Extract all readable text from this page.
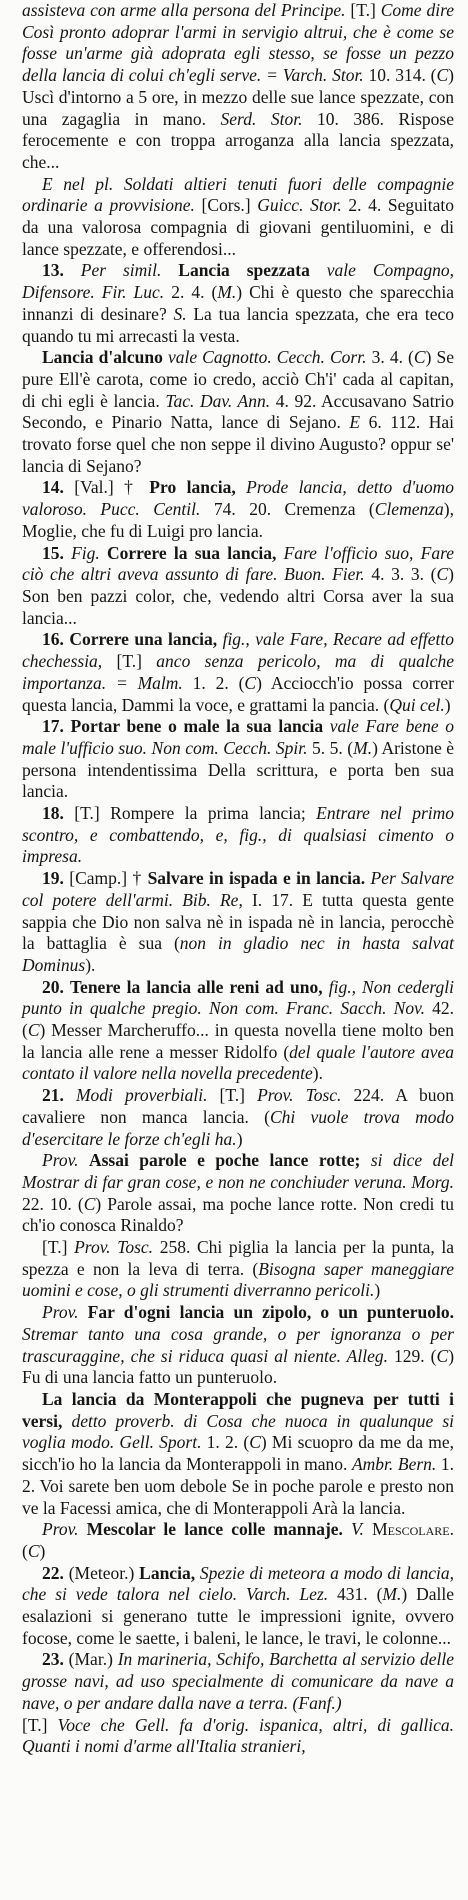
assisteva con arme alla persona del Principe. [T.] Come dire Così pronto adoprar l'armi in servigio altrui, che è come se fosse un'arme già adoprata egli stesso, se fosse un pezzo della lancia di colui ch'egli serve. = Varch. Stor. 10. 314. (C) Uscì d'intorno a 5 ore, in mezzo delle sue lance spezzate, con una zagaglia in mano. Serd. Stor. 10. 386. Rispose ferocemente e con troppa arroganza alla lancia spezzata, che...

E nel pl. Soldati altieri tenuti fuori delle compagnie ordinarie a provvisione. [Cors.] Guicc. Stor. 2. 4. Seguitato da una valorosa compagnia di giovani gentiluomini, e di lance spezzate, e offerendosi...

13. Per simil. Lancia spezzata vale Compagno, Difensore. Fir. Luc. 2. 4. (M.) Chi è questo che sparecchia innanzi di desinare? S. La tua lancia spezzata, che era teco quando tu mi arrecasti la vesta.

Lancia d'alcuno vale Cagnotto. Cecch. Corr. 3. 4. (C) Se pure Ell'è carota, come io credo, acciò Ch'i' cada al capitan, di chi egli è lancia. Tac. Dav. Ann. 4. 92. Accusavano Satrio Secondo, e Pinario Natta, lance di Sejano. E 6. 112. Hai trovato forse quel che non seppe il divino Augusto? oppur se' lancia di Sejano?

14. [Val.] † Pro lancia, Prode lancia, detto d'uomo valoroso. Pucc. Centil. 74. 20. Cremenza (Clemenza), Moglie, che fu di Luigi pro lancia.

15. Fig. Correre la sua lancia, Fare l'officio suo, Fare ciò che altri aveva assunto di fare. Buon. Fier. 4. 3. 3. (C) Son ben pazzi color, che, vedendo altri Corsa aver la sua lancia...

16. Correre una lancia, fig., vale Fare, Recare ad effetto chechessia, [T.] anco senza pericolo, ma di qualche importanza. = Malm. 1. 2. (C) Acciocch'io possa correr questa lancia, Dammi la voce, e grattami la pancia. (Qui cel.)

17. Portar bene o male la sua lancia vale Fare bene o male l'ufficio suo. Non com. Cecch. Spir. 5. 5. (M.) Aristone è persona intendentissima Della scrittura, e porta ben sua lancia.

18. [T.] Rompere la prima lancia; Entrare nel primo scontro, e combattendo, e, fig., di qualsiasi cimento o impresa.

19. [Camp.] † Salvare in ispada e in lancia. Per Salvare col potere dell'armi. Bib. Re, I. 17. E tutta questa gente sappia che Dio non salva nè in ispada nè in lancia, perocchè la battaglia è sua (non in gladio nec in hasta salvat Dominus).

20. Tenere la lancia alle reni ad uno, fig., Non cedergli punto in qualche pregio. Non com. Franc. Sacch. Nov. 42. (C) Messer Marcheruffo... in questa novella tiene molto ben la lancia alle rene a messer Ridolfo (del quale l'autore avea contato il valore nella novella precedente).

21. Modi proverbiali. [T.] Prov. Tosc. 224. A buon cavaliere non manca lancia. (Chi vuole trova modo d'esercitare le forze ch'egli ha.)

Prov. Assai parole e poche lance rotte; si dice del Mostrar di far gran cose, e non ne conchiuder veruna. Morg. 22. 10. (C) Parole assai, ma poche lance rotte. Non credi tu ch'io conosca Rinaldo?

[T.] Prov. Tosc. 258. Chi piglia la lancia per la punta, la spezza e non la leva di terra. (Bisogna saper maneggiare uomini e cose, o gli strumenti diverranno pericoli.)

Prov. Far d'ogni lancia un zipolo, o un punteruolo. Stremar tanto una cosa grande, o per ignoranza o per trascuraggine, che si riduca quasi al niente. Alleg. 129. (C) Fu di una lancia fatto un punteruolo.

La lancia da Monterappoli che pugneva per tutti i versi, detto proverb. di Cosa che nuoca in qualunque si voglia modo. Gell. Sport. 1. 2. (C) Mi scuopro da me da me, sicch'io ho la lancia da Monterappoli in mano. Ambr. Bern. 1. 2. Voi sarete ben uom debole Se in poche parole e presto non ve la Facessi amica, che di Monterappoli Arà la lancia.

Prov. Mescolar le lance colle mannaje. V. Mescolare. (C)

22. (Meteor.) Lancia, Spezie di meteora a modo di lancia, che si vede talora nel cielo. Varch. Lez. 431. (M.) Dalle esalazioni si generano tutte le impressioni ignite, ovvero focose, come le saette, i baleni, le lance, le travi, le colonne...

23. (Mar.) In marineria, Schifo, Barchetta al servizio delle grosse navi, ad uso specialmente di comunicare da nave a nave, o per andare dalla nave a terra. (Fanf.)

[T.] Voce che Gell. fa d'orig. ispanica, altri, di gallica. Quanti i nomi d'arme all'Italia stranieri,
